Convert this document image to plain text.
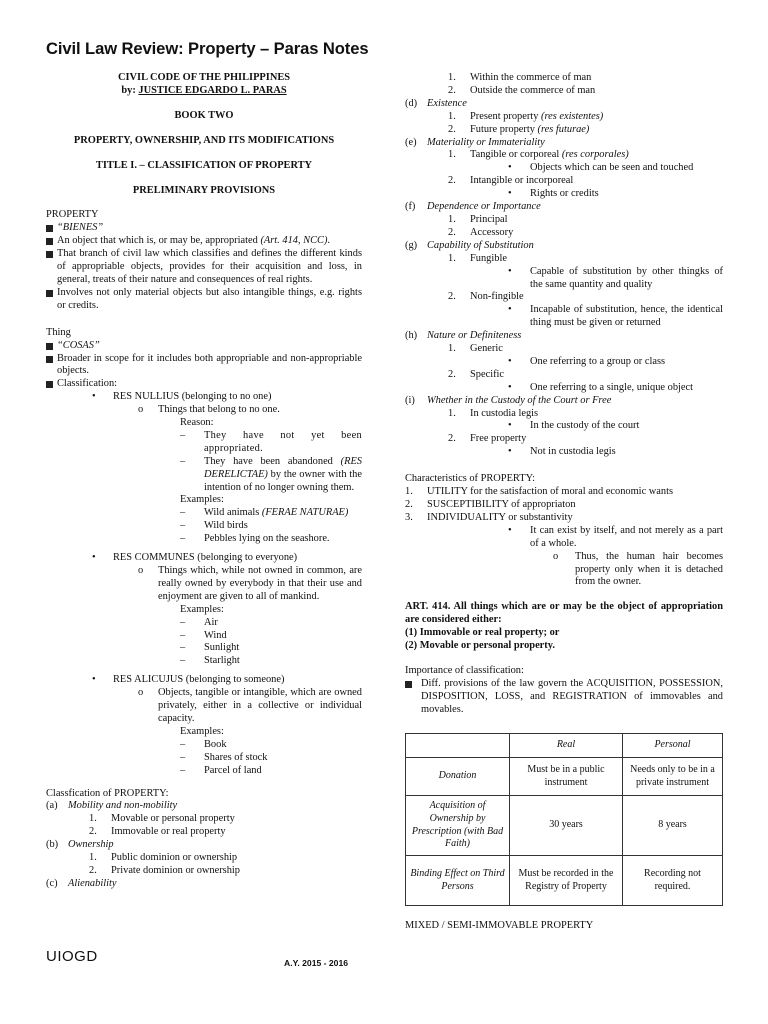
Civil Law Review: Property – Paras Notes
CIVIL CODE OF THE PHILIPPINES
by: JUSTICE EDGARDO L. PARAS
BOOK TWO
PROPERTY, OWNERSHIP, AND ITS MODIFICATIONS
TITLE I. – CLASSIFICATION OF PROPERTY
PRELIMINARY PROVISIONS
PROPERTY
“BIENES”
An object that which is, or may be, appropriated (Art. 414, NCC).
That branch of civil law which classifies and defines the different kinds of appropriable objects, provides for their acquisition and loss, in general, treats of their nature and consequences of real rights.
Involves not only material objects but also intangible things, e.g. rights or credits.
Thing
“COSAS”
Broader in scope for it includes both appropriable and non-appropriable objects.
Classification:
•	RES NULLIUS (belonging to no one)
o	Things that belong to no one.
Reason:
–	They have not yet been appropriated.
–	They have been abandoned (RES DERELICTAE) by the owner with the intention of no longer owning them.
Examples:
–	Wild animals (FERAE NATURAE)
–	Wild birds
–	Pebbles lying on the seashore.
•	RES COMMUNES (belonging to everyone)
o	Things which, while not owned in common, are really owned by everybody in that their use and enjoyment are given to all of mankind.
Examples:
–	Air
–	Wind
–	Sunlight
–	Starlight
•	RES ALICUJUS (belonging to someone)
o	Objects, tangible or intangible, which are owned privately, either in a collective or individual capacity.
Examples:
–	Book
–	Shares of stock
–	Parcel of land
Classfication of PROPERTY:
(a)	Mobility and non-mobility
1.	Movable or personal property
2.	Immovable or real property
(b) Ownership
1.	Public dominion or ownership
2.	Private dominion or ownership
(c)	Alienability
1.	Within the commerce of man
2.	Outside the commerce of man
(d) Existence
1.	Present property (res existentes)
2.	Future property (res futurae)
(e)	Materiality or Immateriality
1.	Tangible or corporeal (res corporales)
•	Objects which can be seen and touched
2.	Intangible or incorporeal
•	Rights or credits
(f)	Dependence or Importance
1.	Principal
2.	Accessory
(g) Capability of Substitution
1.	Fungible
•	Capable of substitution by other thingks of the same quantity and quality
2.	Non-fingible
•	Incapable of substitution, hence, the identical thing must be given or returned
(h) Nature or Definiteness
1.	Generic
•	One referring to a group or class
2.	Specific
•	One referring to a single, unique object
(i)	Whether in the Custody of the Court or Free
1.	In custodia legis
•	In the custody of the court
2.	Free property
•	Not in custodia legis
Characteristics of PROPERTY:
1.	UTILITY for the satisfaction of moral and economic wants
2.	SUSCEPTIBILITY of appropriaton
3.	INDIVIDUALITY or substantivity
•	It can exist by itself, and not merely as a part of a whole.
o	Thus, the human hair becomes property only when it is detached from the owner.
ART. 414. All things which are or may be the object of appropriation are considered either:
(1) Immovable or real property; or
(2) Movable or personal property.
Importance of classification:
Diff. provisions of the law govern the ACQUISITION, POSSESSION, DISPOSITION, LOSS, and REGISTRATION of immovables and movables.
	Real	Personal
Donation	Must be in a public instrument	Needs only to be in a private instrument
Acquisition of Ownership by Prescription (with Bad Faith)	30 years	8 years
Binding Effect on Third Persons	Must be recorded in the Registry of Property	Recording not required.
MIXED / SEMI-IMMOVABLE PROPERTY
UIOGD	A.Y. 2015 - 2016
